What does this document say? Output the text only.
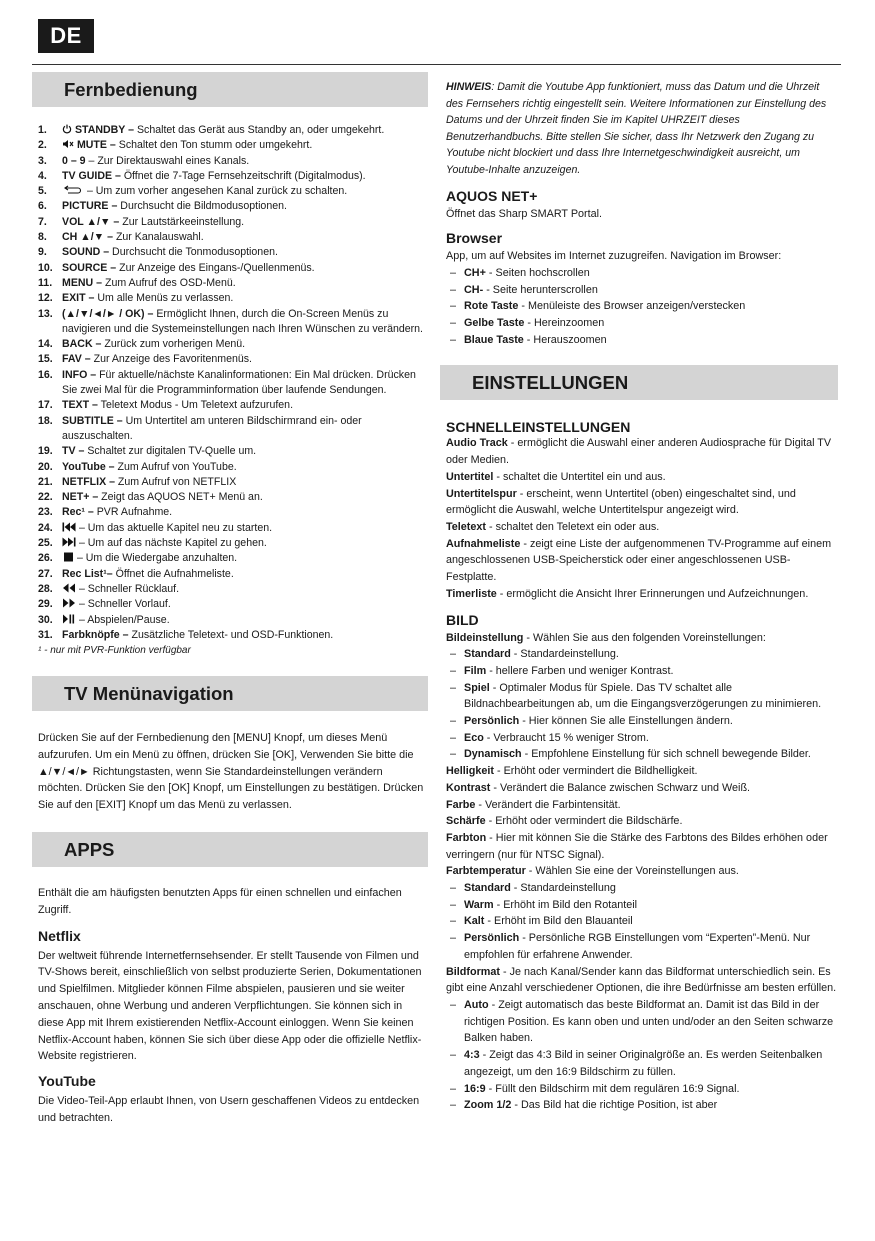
DE
Fernbedienung
1.	STANDBY – Schaltet das Gerät aus Standby an, oder umgekehrt.
2.	MUTE – Schaltet den Ton stumm oder umgekehrt.
3. 0 – 9 – Zur Direktauswahl eines Kanals.
4. TV GUIDE – Öffnet die 7-Tage Fernsehzeitschrift (Digitalmodus).
5.	– Um zum vorher angesehen Kanal zurück zu schalten.
6. PICTURE – Durchsucht die Bildmodusoptionen.
7. VOL ▲/▼ – Zur Lautstärkeeinstellung.
8. CH ▲/▼ – Zur Kanalauswahl.
9. SOUND – Durchsucht die Tonmodusoptionen.
10. SOURCE – Zur Anzeige des Eingans-/Quellenmenüs.
11. MENU – Zum Aufruf des OSD-Menü.
12. EXIT – Um alle Menüs zu verlassen.
13. (▲/▼/◄/► / OK) – Ermöglicht Ihnen, durch die On-Screen Menüs zu navigieren und die Systemeinstellungen nach Ihren Wünschen zu verändern.
14. BACK – Zurück zum vorherigen Menü.
15. FAV – Zur Anzeige des Favoritenmenüs.
16. INFO – Für aktuelle/nächste Kanalinformationen: Ein Mal drücken. Drücken Sie zwei Mal für die Programminformation über laufende Sendungen.
17. TEXT – Teletext Modus - Um Teletext aufzurufen.
18. SUBTITLE – Um Untertitel am unteren Bildschirmrand ein- oder auszuschalten.
19. TV – Schaltet zur digitalen TV-Quelle um.
20. YouTube – Zum Aufruf von YouTube.
21. NETFLIX – Zum Aufruf von NETFLIX
22. NET+ – Zeigt das AQUOS NET+ Menü an.
23. Rec¹ – PVR Aufnahme.
24. – Um das aktuelle Kapitel neu zu starten.
25. – Um auf das nächste Kapitel zu gehen.
26. – Um die Wiedergabe anzuhalten.
27. Rec List¹– Öffnet die Aufnahmeliste.
28. – Schneller Rücklauf.
29. – Schneller Vorlauf.
30. – Abspielen/Pause.
31. Farbknöpfe – Zusätzliche Teletext- und OSD-Funktionen.
¹ - nur mit PVR-Funktion verfügbar
TV Menünavigation

Drücken Sie auf der Fernbedienung den [MENU] Knopf, um dieses Menü aufzurufen. Um ein Menü zu öffnen, drücken Sie [OK], Verwenden Sie bitte die ▲/▼/◄/► Richtungstasten, wenn Sie Standardeinstellungen verändern möchten. Drücken Sie den [OK] Knopf, um Einstellungen zu bestätigen. Drücken Sie auf den [EXIT] Knopf um das Menü zu verlassen.

APPS

Enthält die am häufigsten benutzten Apps für einen schnellen und einfachen Zugriff.

Netflix

Der weltweit führende Internetfernsehsender. Er stellt Tausende von Filmen und TV-Shows bereit, einschließlich von selbst produzierte Serien, Dokumentationen und Spielfilmen. Mitglieder können Filme abspielen, pausieren und sie weiter anschauen, ohne Werbung und anderen Verpflichtungen. Sie können sich in diese App mit Ihrem existierenden Netflix-Account einloggen. Wenn Sie keinen Netflix-Account haben, können Sie sich über diese App oder die offizielle Netflix-Website registrieren.

YouTube

Die Video-Teil-App erlaubt Ihnen, von Usern geschaffenen Videos zu entdecken und betrachten.

HINWEIS: Damit die Youtube App funktioniert, muss das Datum und die Uhrzeit des Fernsehers richtig eingestellt sein. Weitere Informationen zur Einstellung des Datums und der Uhrzeit finden Sie im Kapitel UHRZEIT dieses Benutzerhandbuchs. Bitte stellen Sie sicher, dass Ihr Netzwerk den Zugang zu Youtube nicht blockiert und dass Ihre Internetgeschwindigkeit ausreicht, um Youtube-Inhalte anzuzeigen.

AQUOS NET+

Öffnet das Sharp SMART Portal.

Browser

App, um auf Websites im Internet zuzugreifen. Navigation im Browser:

– CH+ - Seiten hochscrollen
– CH- - Seite herunterscrollen
– Rote Taste - Menüleiste des Browser anzeigen/verstecken
– Gelbe Taste - Hereinzoomen
– Blaue Taste - Herauszoomen
EINSTELLUNGEN

SCHNELLEINSTELLUNGEN

Audio Track - ermöglicht die Auswahl einer anderen Audiosprache für Digital TV oder Medien.

Untertitel - schaltet die Untertitel ein und aus.

Untertitelspur - erscheint, wenn Untertitel (oben) eingeschaltet sind, und ermöglicht die Auswahl, welche Untertitelspur angezeigt wird.

Teletext - schaltet den Teletext ein oder aus.

Aufnahmeliste - zeigt eine Liste der aufgenommenen TV-Programme auf einem angeschlossenen USB-Speicherstick oder einer angeschlossenen USB-Festplatte.

Timerliste - ermöglicht die Ansicht Ihrer Erinnerungen und Aufzeichnungen.

BILD

Bildeinstellung - Wählen Sie aus den folgenden Voreinstellungen:

– Standard - Standardeinstellung.
– Film - hellere Farben und weniger Kontrast.
– Spiel - Optimaler Modus für Spiele. Das TV schaltet alle Bildnachbearbeitungen ab, um die Eingangsverzögerungen zu minimieren.
– Persönlich - Hier können Sie alle Einstellungen ändern.
– Eco - Verbraucht 15 % weniger Strom.
– Dynamisch - Empfohlene Einstellung für sich schnell bewegende Bilder.

Helligkeit - Erhöht oder vermindert die Bildhelligkeit.

Kontrast - Verändert die Balance zwischen Schwarz und Weiß.

Farbe - Verändert die Farbintensität.

Schärfe - Erhöht oder vermindert die Bildschärfe.

Farbton - Hier mit können Sie die Stärke des Farbtons des Bildes erhöhen oder verringern (nur für NTSC Signal).

Farbtemperatur - Wählen Sie eine der Voreinstellungen aus.

– Standard - Standardeinstellung
– Warm - Erhöht im Bild den Rotanteil
– Kalt - Erhöht im Bild den Blauanteil
– Persönlich - Persönliche RGB Einstellungen vom “Experten”-Menü. Nur empfohlen für erfahrene Anwender.

Bildformat - Je nach Kanal/Sender kann das Bildformat unterschiedlich sein. Es gibt eine Anzahl verschiedener Optionen, die ihre Bedürfnisse am besten erfüllen.

– Auto - Zeigt automatisch das beste Bildformat an. Damit ist das Bild in der richtigen Position. Es kann oben und unten und/oder an den Seiten schwarze Balken haben.
– 4:3 - Zeigt das 4:3 Bild in seiner Originalgröße an. Es werden Seitenbalken angezeigt, um den 16:9 Bildschirm zu füllen.
– 16:9 - Füllt den Bildschirm mit dem regulären 16:9 Signal.
– Zoom 1/2 - Das Bild hat die richtige Position, ist aber
